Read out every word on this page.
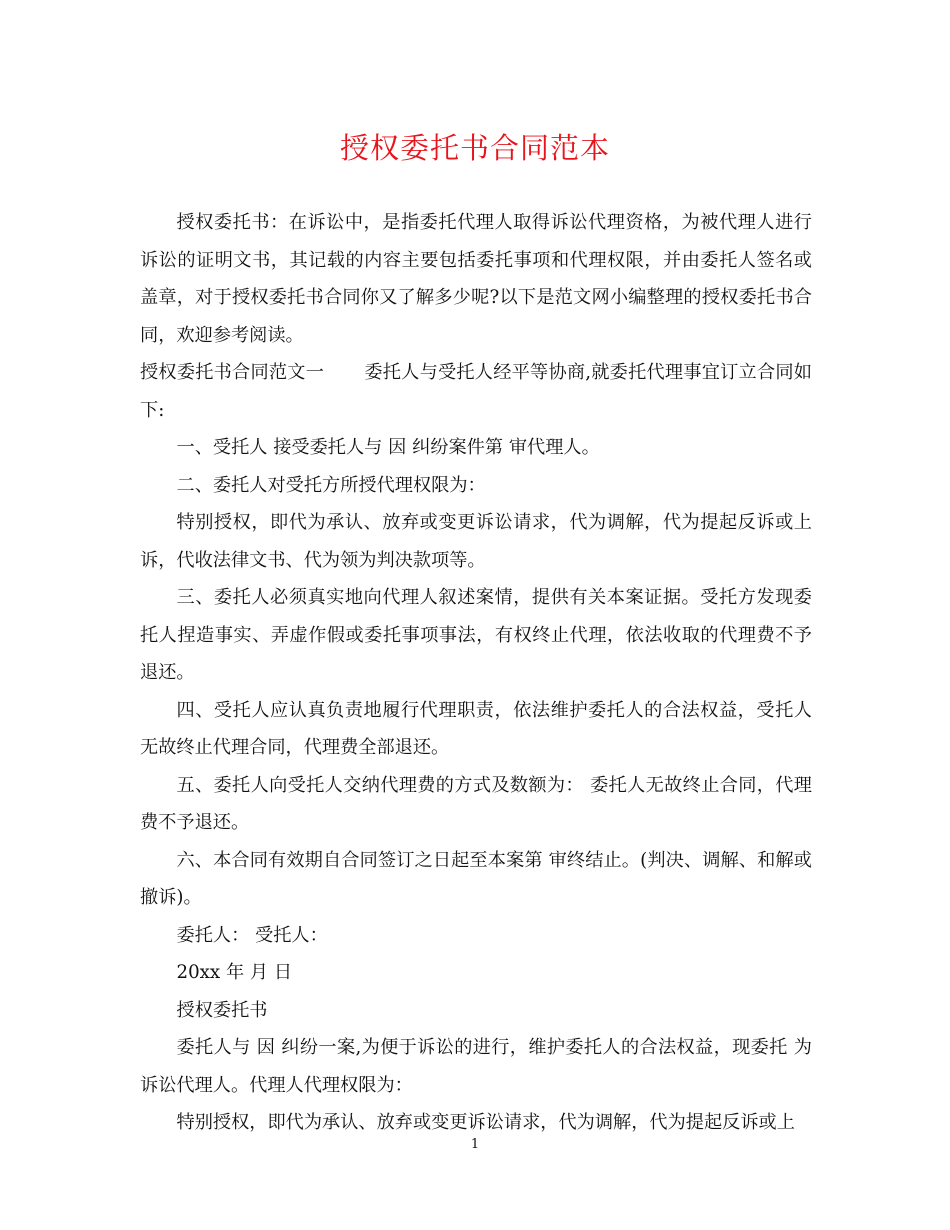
授权委托书合同范本

授权委托书：在诉讼中，是指委托代理人取得诉讼代理资格，为被代理人进行诉讼的证明文书，其记载的内容主要包括委托事项和代理权限，并由委托人签名或盖章，对于授权委托书合同你又了解多少呢?以下是范文网小编整理的授权委托书合同，欢迎参考阅读。

授权委托书合同范文一 委托人与受托人经平等协商,就委托代理事宜订立合同如下:

一、受托人 接受委托人与 因 纠纷案件第 审代理人。

二、委托人对受托方所授代理权限为：

特别授权，即代为承认、放弃或变更诉讼请求，代为调解，代为提起反诉或上诉，代收法律文书、代为领为判决款项等。

三、委托人必须真实地向代理人叙述案情，提供有关本案证据。受托方发现委托人捏造事实、弄虚作假或委托事项事法，有权终止代理，依法收取的代理费不予退还。

四、受托人应认真负责地履行代理职责，依法维护委托人的合法权益，受托人无故终止代理合同，代理费全部退还。

五、委托人向受托人交纳代理费的方式及数额为： 委托人无故终止合同，代理费不予退还。

六、本合同有效期自合同签订之日起至本案第 审终结止。(判决、调解、和解或撤诉)。

委托人： 受托人：

20xx 年 月 日

授权委托书

委托人与 因 纠纷一案,为便于诉讼的进行，维护委托人的合法权益，现委托 为诉讼代理人。代理人代理权限为：

特别授权，即代为承认、放弃或变更诉讼请求，代为调解，代为提起反诉或上

1
